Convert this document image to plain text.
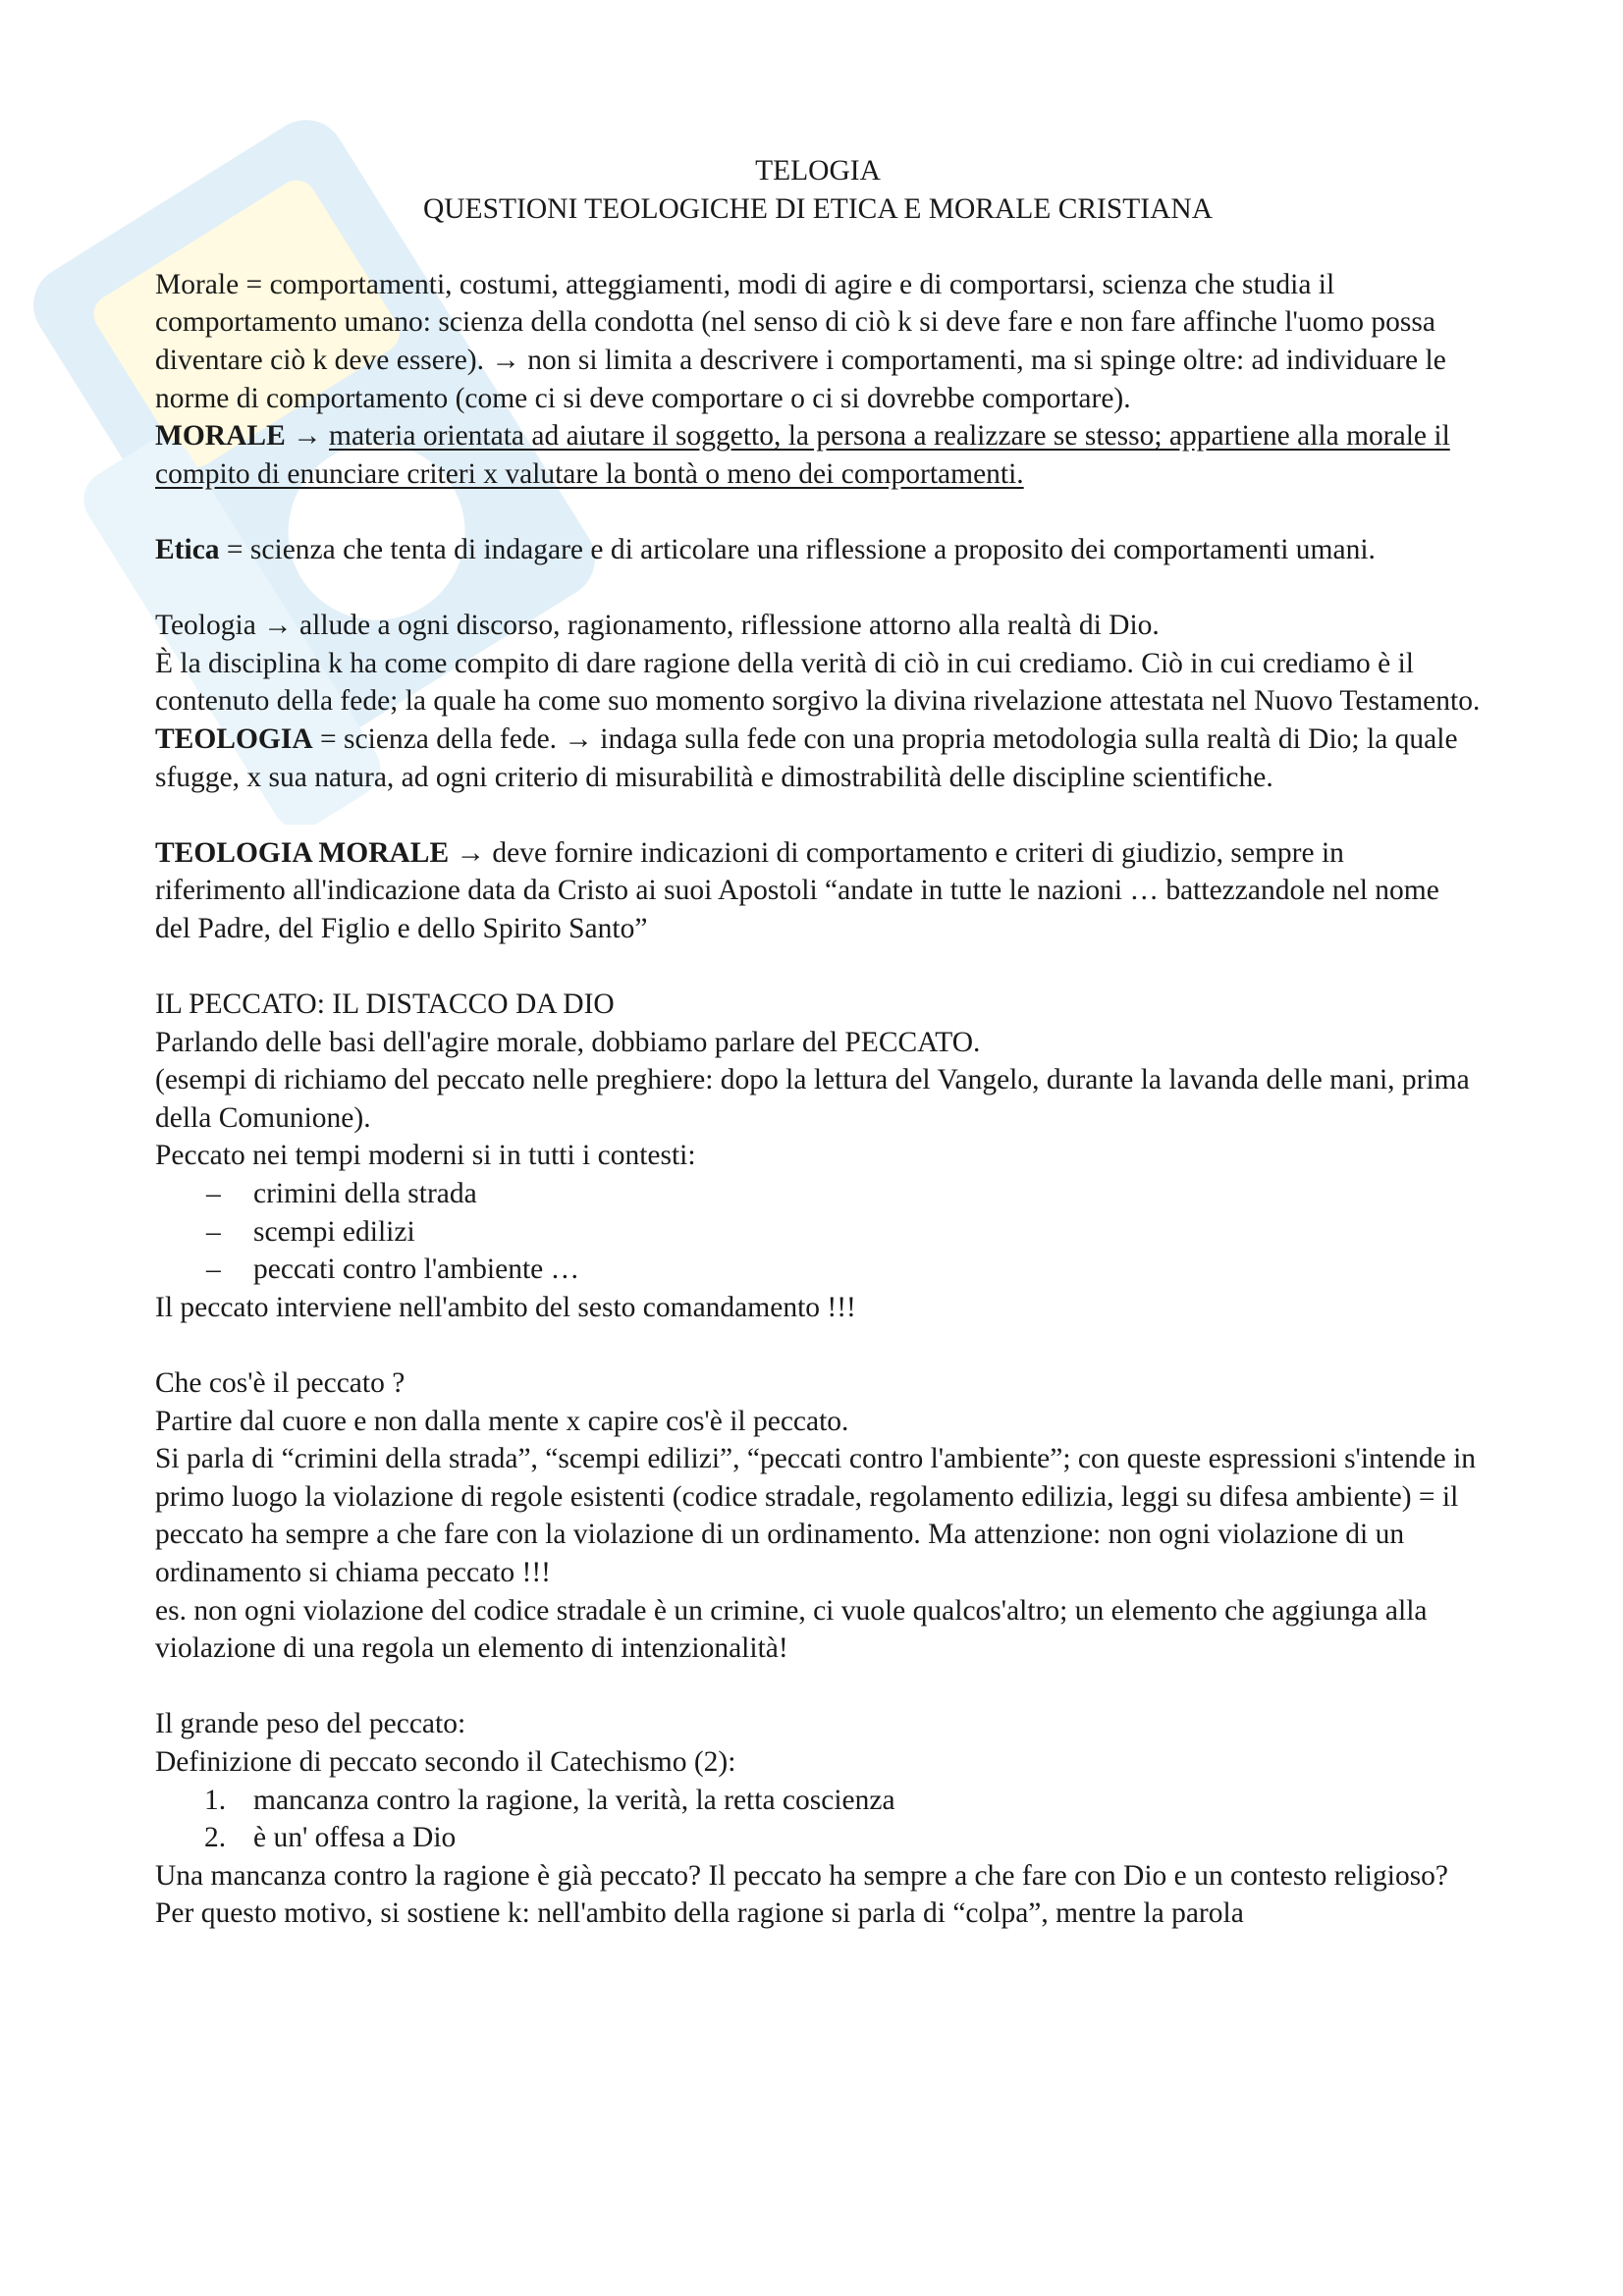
TELOGIA

QUESTIONI TEOLOGICHE DI ETICA E MORALE CRISTIANA

Morale = comportamenti, costumi, atteggiamenti, modi di agire e di comportarsi, scienza che studia il comportamento umano: scienza della condotta (nel senso di ciò k si deve fare e non fare affinche l'uomo possa diventare ciò k deve essere). → non si limita a descrivere i comportamenti, ma si spinge oltre: ad individuare le norme di comportamento (come ci si deve comportare o ci si dovrebbe comportare).

MORALE → materia orientata ad aiutare il soggetto, la persona a realizzare se stesso; appartiene alla morale il compito di enunciare criteri x valutare la bontà o meno dei comportamenti.

Etica = scienza che tenta di indagare e di articolare una riflessione a proposito dei comportamenti umani.

Teologia → allude a ogni discorso, ragionamento, riflessione attorno alla realtà di Dio.

È la disciplina k ha come compito di dare ragione della verità di ciò in cui crediamo. Ciò in cui crediamo è il contenuto della fede; la quale ha come suo momento sorgivo la divina rivelazione attestata nel Nuovo Testamento.

TEOLOGIA = scienza della fede. → indaga sulla fede con una propria metodologia sulla realtà di Dio; la quale sfugge, x sua natura, ad ogni criterio di misurabilità e dimostrabilità delle discipline scientifiche.

TEOLOGIA MORALE → deve fornire indicazioni di comportamento e criteri di giudizio, sempre in riferimento all'indicazione data da Cristo ai suoi Apostoli “andate in tutte le nazioni … battezzandole nel nome del Padre, del Figlio e dello Spirito Santo”

IL PECCATO: IL DISTACCO DA DIO

Parlando delle basi dell'agire morale, dobbiamo parlare del PECCATO.

(esempi di richiamo del peccato nelle preghiere: dopo la lettura del Vangelo, durante la lavanda delle mani, prima della Comunione).

Peccato nei tempi moderni si in tutti i contesti:

–	crimini della strada
–	scempi edilizi
–	peccati contro l'ambiente …

Il peccato interviene nell'ambito del sesto comandamento !!!

Che cos'è il peccato ?

Partire dal cuore e non dalla mente x capire cos'è il peccato.

Si parla di “crimini della strada”, “scempi edilizi”, “peccati contro l'ambiente”; con queste espressioni s'intende in primo luogo la violazione di regole esistenti (codice stradale, regolamento edilizia, leggi su difesa ambiente) = il peccato ha sempre a che fare con la violazione di un ordinamento. Ma attenzione: non ogni violazione di un ordinamento si chiama peccato !!!

es. non ogni violazione del codice stradale è un crimine, ci vuole qualcos'altro; un elemento che aggiunga alla violazione di una regola un elemento di intenzionalità!

Il grande peso del peccato:

Definizione di peccato secondo il Catechismo (2):

1. mancanza contro la ragione, la verità, la retta coscienza
2. è un' offesa a Dio

Una mancanza contro la ragione è già peccato? Il peccato ha sempre a che fare con Dio e un contesto religioso?

Per questo motivo, si sostiene k: nell'ambito della ragione si parla di “colpa”, mentre la parola
